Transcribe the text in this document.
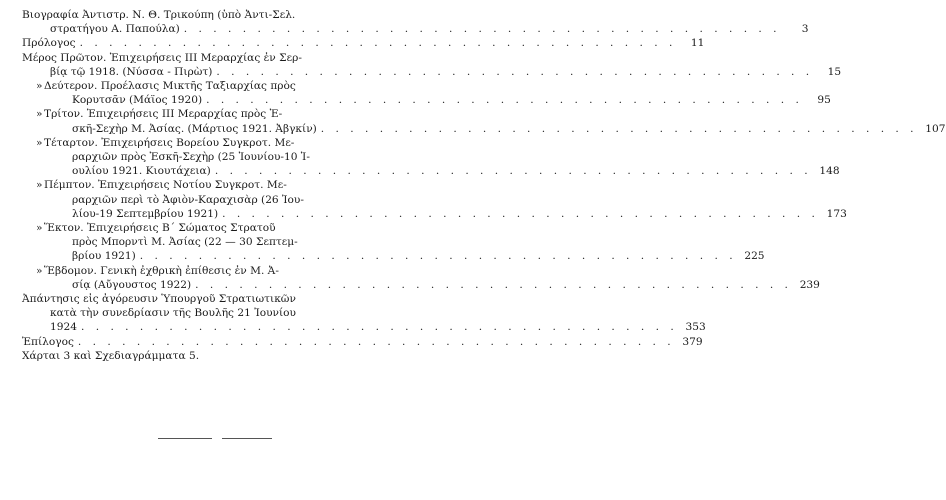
Βιογραφία Ἀντιστρ. Ν. Θ. Τρικούπη (ὑπὸ Ἀντι-Σελ.
στρατήγου Α. Παπούλα) . . . . . . . . . . . . . . . . . . . . . . . . . . . . . . . . . . . . . . . . .	3
Πρόλογος . . . . . . . . . . . . . . . . . . . . . . . . . . . . . . . . . . . . . . . . .	11
Μέρος Πρῶτον. Ἐπιχειρήσεις ΙΙΙ Μεραρχίας ἐν Σερ-
βίᾳ τῷ 1918. (Νύσσα - Πιρὼτ) . . . . . . . . . . . . . . . . . . . . . . . . . . . . . . . . . . . . . . . . .	15
» Δεύτερον. Προέλασις Μικτῆς Ταξιαρχίας πρὸς
Κορυτσᾶν (Μάϊος 1920) . . . . . . . . . . . . . . . . . . . . . . . . . . . . . . . . . . . . . . . . .	95
» Τρίτον. Ἐπιχειρήσεις ΙΙΙ Μεραρχίας πρὸς Ἐ-
σκῆ-Σεχὴρ Μ. Ἀσίας. (Μάρτιος 1921. Ἀβγκίν) . . . . . . . . . . . . . . . . . . . . . . . . . . . . . . . . . . . . . . . . . 107
» Τέταρτον. Ἐπιχειρήσεις Βορείου Συγκροτ. Με-
ραρχιῶν πρὸς Ἐσκῆ-Σεχὴρ (25 Ἰουνίου-10 Ἰ-
ουλίου 1921. Κιουτάχεια) . . . . . . . . . . . . . . . . . . . . . . . . . . . . . . . . . . . . . . . . . 148
» Πέμπτον. Ἐπιχειρήσεις Νοτίου Συγκροτ. Με-
ραρχιῶν περὶ τὸ Ἀφιὸν-Καραχισὰρ (26 Ἰου-
λίου-19 Σεπτεμβρίου 1921) . . . . . . . . . . . . . . . . . . . . . . . . . . . . . . . . . . . . . . . . . 173
» Ἕκτον. Ἐπιχειρήσεις Β΄ Σώματος Στρατοῦ
πρὸς Μπορντὶ Μ. Ἀσίας (22 — 30 Σεπτεμ-
βρίου 1921) . . . . . . . . . . . . . . . . . . . . . . . . . . . . . . . . . . . . . . . . . 225
» Ἕβδομον. Γενικὴ ἐχθρικὴ ἐπίθεσις ἐν Μ. Ἀ-
σίᾳ (Αὔγουστος 1922) . . . . . . . . . . . . . . . . . . . . . . . . . . . . . . . . . . . . . . . . . 239
Ἀπάντησις εἰς ἀγόρευσιν Ὑπουργοῦ Στρατιωτικῶν
κατὰ τὴν συνεδρίασιν τῆς Βουλῆς 21 Ἰουνίου
1924 . . . . . . . . . . . . . . . . . . . . . . . . . . . . . . . . . . . . . . . . . 353
Ἐπίλογος . . . . . . . . . . . . . . . . . . . . . . . . . . . . . . . . . . . . . . . . . 379
Χάρται 3 καὶ Σχεδιαγράμματα 5.
